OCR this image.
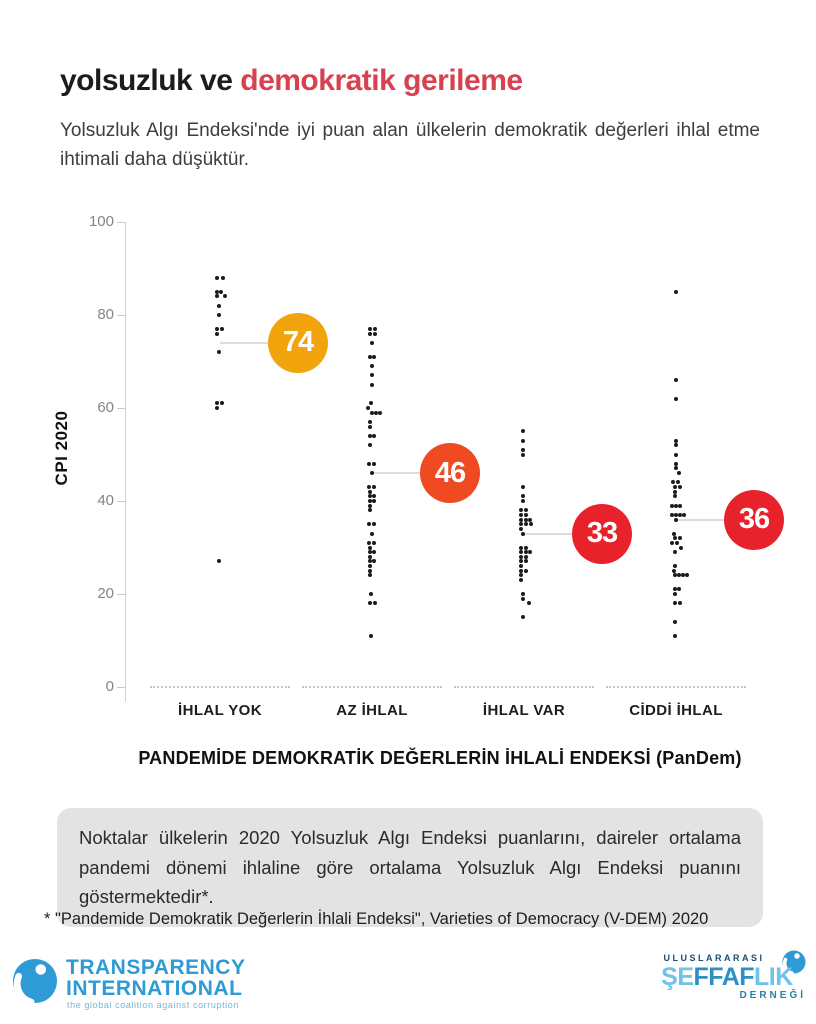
yolsuzluk ve demokratik gerileme
Yolsuzluk Algı Endeksi'nde iyi puan alan ülkelerin demokratik değerleri ihlal etme ihtimali daha düşüktür.
CPI 2020
PANDEMİDE DEMOKRATİK DEĞERLERİN İHLALİ ENDEKSİ (PanDem)
0
20
40
60
80
100
74
İHLAL YOK
46
AZ İHLAL
33
İHLAL VAR
36
CİDDİ İHLAL
Noktalar ülkelerin 2020 Yolsuzluk Algı Endeksi puanlarını, daireler ortalama pandemi dönemi ihlaline göre ortalama Yolsuzluk Algı Endeksi puanını göstermektedir*.
* "Pandemide Demokratik Değerlerin İhlali Endeksi", Varieties of Democracy (V-DEM) 2020
TRANSPARENCY
INTERNATIONAL
the global coalition against corruption
ULUSLARARASI
ŞEFFAFLIK
DERNEĞİ
